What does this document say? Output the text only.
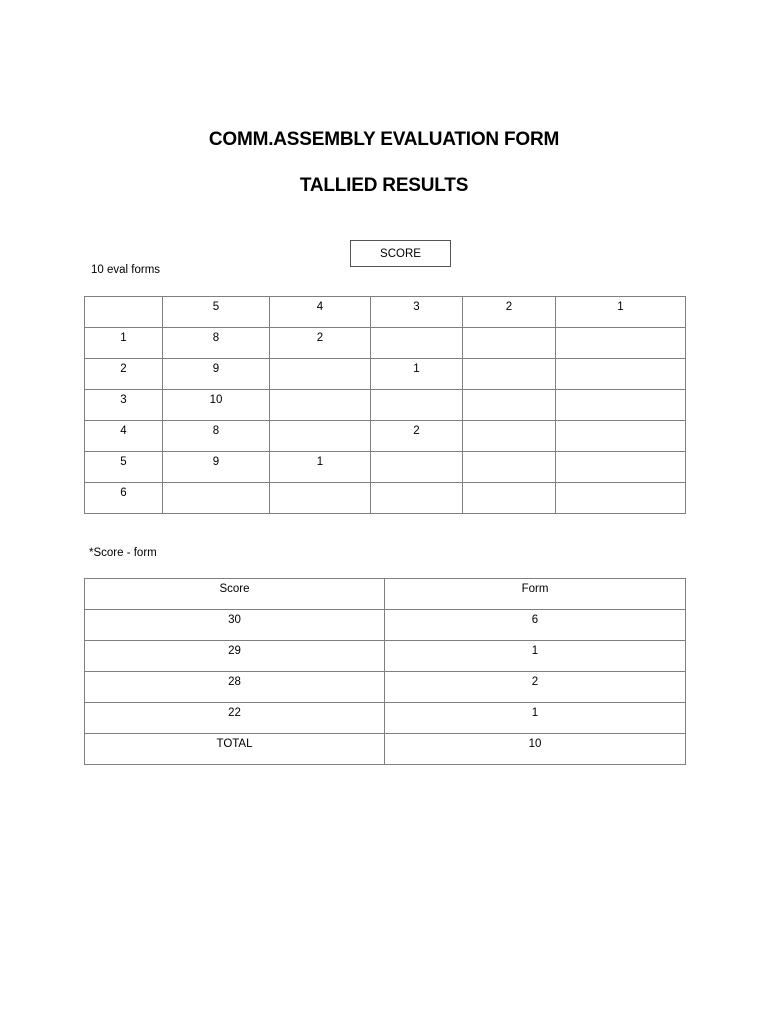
COMM.ASSEMBLY EVALUATION FORM
TALLIED RESULTS
SCORE
10 eval forms

	5	4	3	2	1

1	8	2			

2	9		1		

3	10				

4	8		2		

5	9	1			

6					

*Score - form
Score	Form

30	6

29	1

28	2

22	1

TOTAL	10
